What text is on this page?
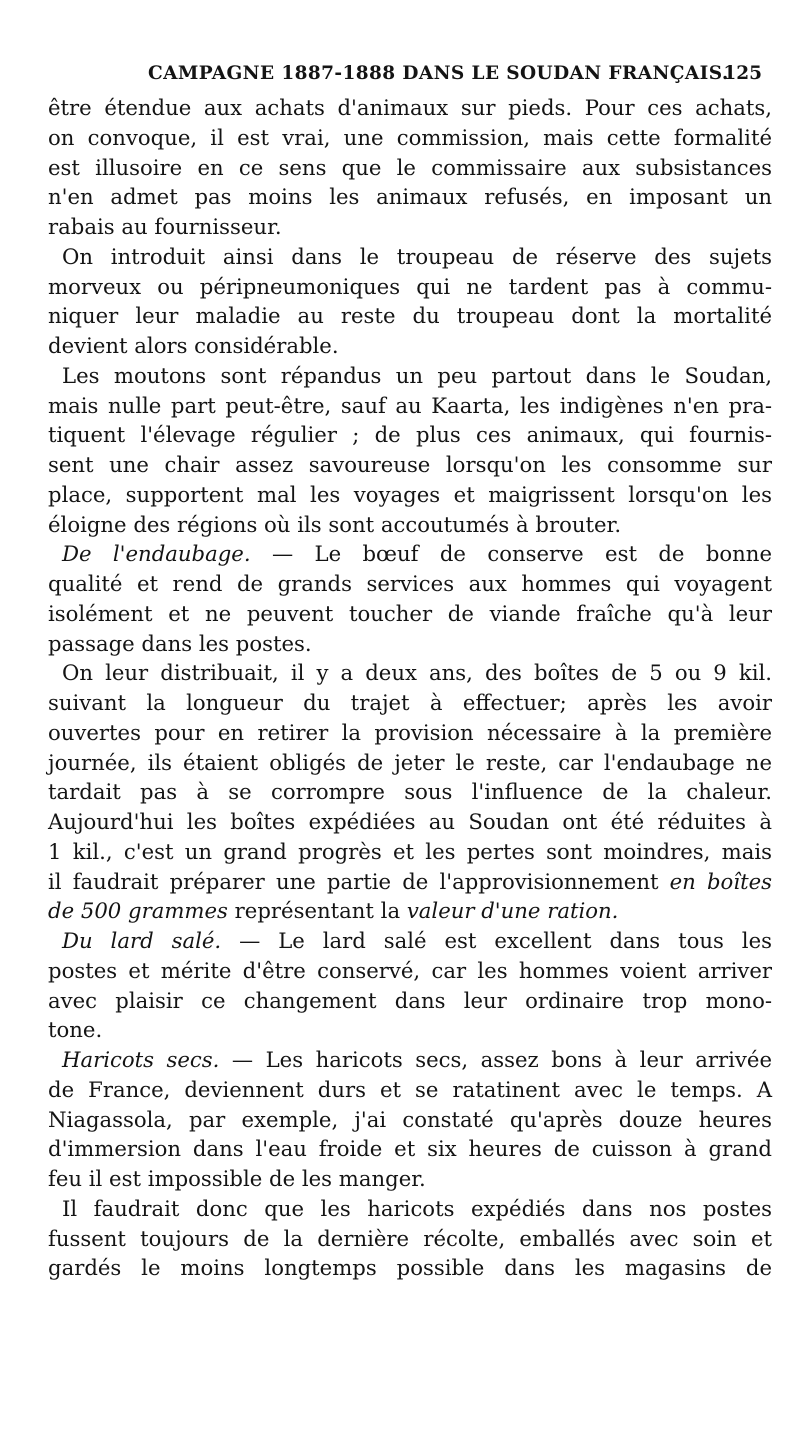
CAMPAGNE 1887-1888 DANS LE SOUDAN FRANÇAIS.
125
être étendue aux achats d'animaux sur pieds. Pour ces achats,
on convoque, il est vrai, une commission, mais cette formalité
est illusoire en ce sens que le commissaire aux subsistances
n'en admet pas moins les animaux refusés, en imposant un
rabais au fournisseur.
On introduit ainsi dans le troupeau de réserve des sujets
morveux ou péripneumoniques qui ne tardent pas à commu-
niquer leur maladie au reste du troupeau dont la mortalité
devient alors considérable.
Les moutons sont répandus un peu partout dans le Soudan,
mais nulle part peut-être, sauf au Kaarta, les indigènes n'en pra-
tiquent l'élevage régulier ; de plus ces animaux, qui fournis-
sent une chair assez savoureuse lorsqu'on les consomme sur
place, supportent mal les voyages et maigrissent lorsqu'on les
éloigne des régions où ils sont accoutumés à brouter.
De l'endaubage. — Le bœuf de conserve est de bonne
qualité et rend de grands services aux hommes qui voyagent
isolément et ne peuvent toucher de viande fraîche qu'à leur
passage dans les postes.
On leur distribuait, il y a deux ans, des boîtes de 5 ou 9 kil.
suivant la longueur du trajet à effectuer; après les avoir
ouvertes pour en retirer la provision nécessaire à la première
journée, ils étaient obligés de jeter le reste, car l'endaubage ne
tardait pas à se corrompre sous l'influence de la chaleur.
Aujourd'hui les boîtes expédiées au Soudan ont été réduites à
1 kil., c'est un grand progrès et les pertes sont moindres, mais
il faudrait préparer une partie de l'approvisionnement en boîtes
de 500 grammes représentant la valeur d'une ration.
Du lard salé. — Le lard salé est excellent dans tous les
postes et mérite d'être conservé, car les hommes voient arriver
avec plaisir ce changement dans leur ordinaire trop mono-
tone.
Haricots secs. — Les haricots secs, assez bons à leur arrivée
de France, deviennent durs et se ratatinent avec le temps. A
Niagassola, par exemple, j'ai constaté qu'après douze heures
d'immersion dans l'eau froide et six heures de cuisson à grand
feu il est impossible de les manger.
Il faudrait donc que les haricots expédiés dans nos postes
fussent toujours de la dernière récolte, emballés avec soin et
gardés le moins longtemps possible dans les magasins de
